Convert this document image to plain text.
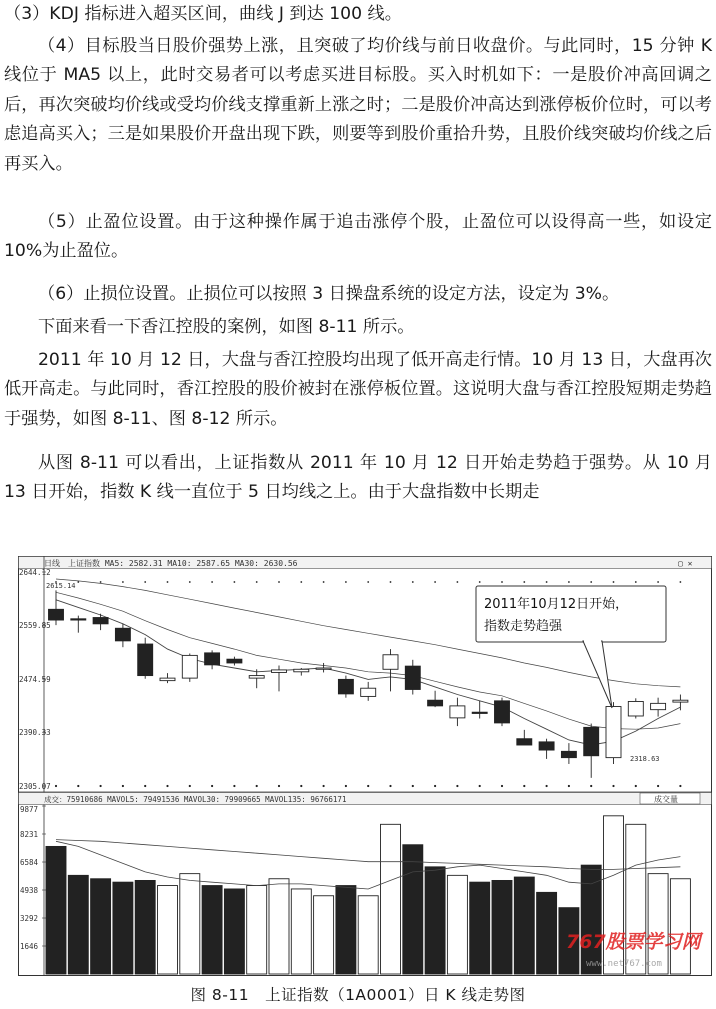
（3）KDJ 指标进入超买区间，曲线 J 到达 100 线。

（4）目标股当日股价强势上涨，且突破了均价线与前日收盘价。与此同时，15 分钟 K 线位于 MA5 以上，此时交易者可以考虑买进目标股。买入时机如下：一是股价冲高回调之后，再次突破均价线或受均价线支撑重新上涨之时；二是股价冲高达到涨停板价位时，可以考虑追高买入；三是如果股价开盘出现下跌，则要等到股价重拾升势，且股价线突破均价线之后再买入。

（5）止盈位设置。由于这种操作属于追击涨停个股，止盈位可以设得高一些，如设定 10%为止盈位。

（6）止损位设置。止损位可以按照 3 日操盘系统的设定方法，设定为 3%。

下面来看一下香江控股的案例，如图 8-11 所示。

2011 年 10 月 12 日，大盘与香江控股均出现了低开高走行情。10 月 13 日，大盘再次低开高走。与此同时，香江控股的股价被封在涨停板位置。这说明大盘与香江控股短期走势趋于强势，如图 8-11、图 8-12 所示。

从图 8-11 可以看出，上证指数从 2011 年 10 月 12 日开始走势趋于强势。从 10 月 13 日开始，指数 K 线一直位于 5 日均线之上。由于大盘指数中长期走

日线　上证指数 MA5: 2582.31 MA10: 2587.65 MA30: 2630.56	▢ ✕
成交：75910686 MAVOL5: 79491536 MAVOL30: 79909665 MAVOL135: 96766171	成交量
2644.12
2559.85
2474.59
2390.33
2305.07
9877
8231
6584
4938
3292
1646
2615.14
2318.63
2011年10月12日开始，
指数走势趋强
767股票学习网
www.net767.com
图 8-11　上证指数（1A0001）日 K 线走势图
